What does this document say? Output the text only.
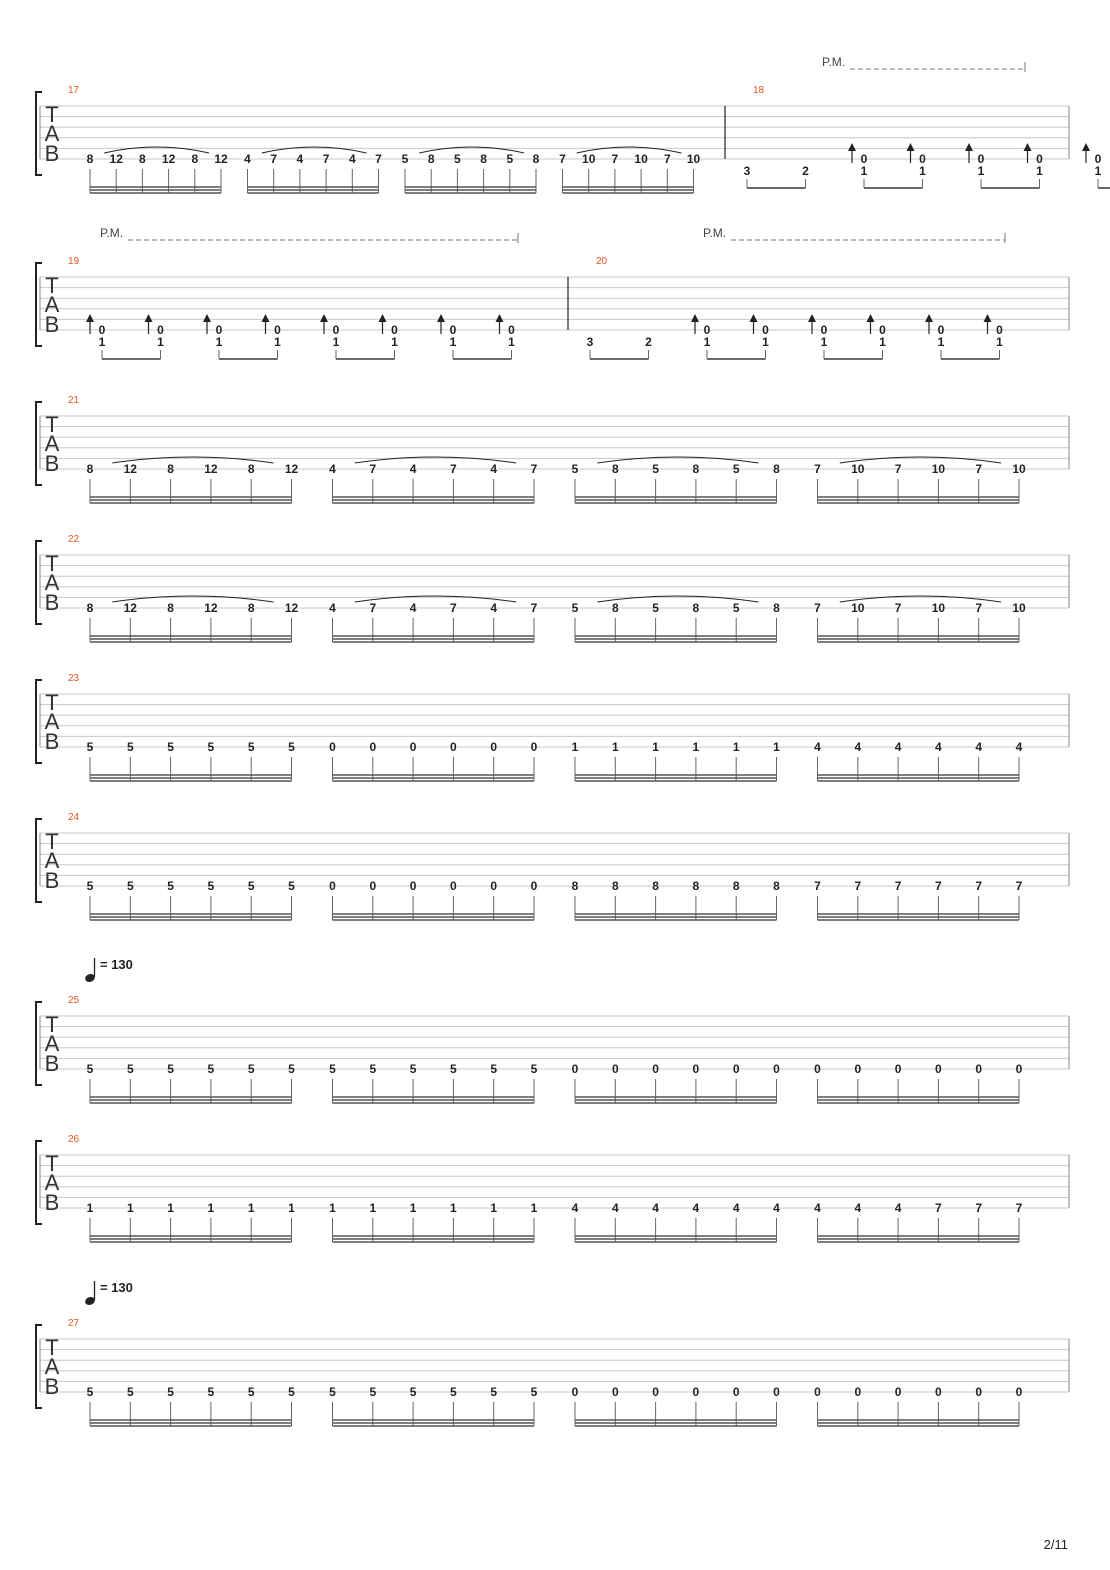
T
A
B
17
8 12 8 12 8 12 4 7 4 7 4 7 5 8 5 8 5 8 7 10 7 10 7 10
18
3	2
0
1
0
1
0
1
0
1
0
1
P.M.
T
A
B
19
0
1
0
1
0
1
0
1
0
1
0
1
0
1
0
1
20
3	2
0
1
0
1
0
1
0
1
0
1
0
1
P.M.	P.M.
T
A
B
21
8	12	8	12	8	12	4	7	4	7	4	7	5	8	5	8	5	8	7	10	7	10	7	10
T
A
B
22
8	12	8	12	8	12	4	7	4	7	4	7	5	8	5	8	5	8	7	10	7	10	7	10
T
A
B
23
5	5	5	5	5	5	0	0	0	0	0	0	1	1	1	1	1	1	4	4	4	4	4	4
T
A
B
24
5	5	5	5	5	5	0	0	0	0	0	0	8	8	8	8	8	8	7	7	7	7	7	7
T
A
B
= 130
25
5	5	5	5	5	5	5	5	5	5	5	5	0	0	0	0	0	0	0	0	0	0	0	0
T
A
B
26
1	1	1	1	1	1	1	1	1	1	1	1	4	4	4	4	4	4	4	4	4	7	7	7
T
A
B
= 130
27
5	5	5	5	5	5	5	5	5	5	5	5	0	0	0	0	0	0	0	0	0	0	0	0
2/11
